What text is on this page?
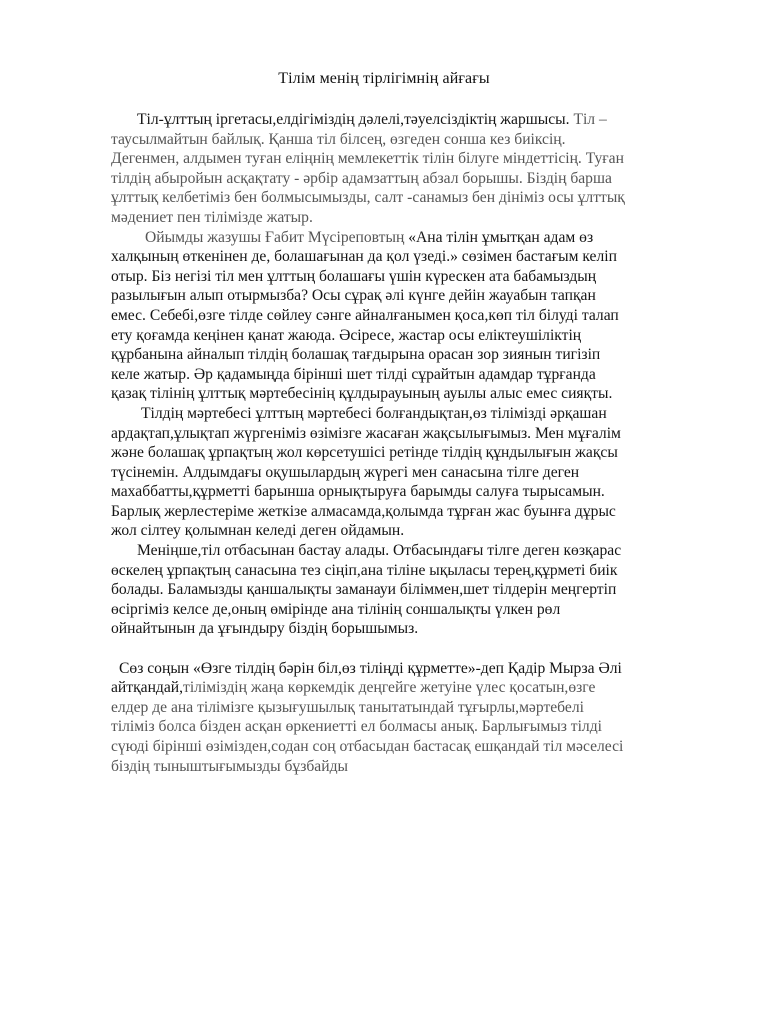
Тілім менің тірлігімнің айғағы
Тіл-ұлттың іргетасы,елдігіміздің дәлелі,тәуелсіздіктің жаршысы. Тіл –
таусылмайтын байлық. Қанша тіл білсең, өзгеден сонша кез биіксің.
Дегенмен, алдымен туған еліңнің мемлекеттік тілін білуге міндеттісің. Туған
тілдің абыройын асқақтату - әрбір адамзаттың абзал борышы. Біздің барша
ұлттық келбетіміз бен болмысымызды, салт -санамыз бен дініміз осы ұлттық
мәдениет пен тілімізде жатыр.
Ойымды жазушы Ғабит Мүсіреповтың «Ана тілін ұмытқан адам өз
халқының өткенінен де, болашағынан да қол үзеді.» сөзімен бастағым келіп
отыр. Біз негізі тіл мен ұлттың болашағы үшін күрескен ата бабамыздың
разылығын алып отырмызба? Осы сұрақ әлі күнге дейін жауабын тапқан
емес. Себебі,өзге тілде сөйлеу сәнге айналғанымен қоса,көп тіл білуді талап
ету қоғамда кеңінен қанат жаюда. Әсіресе, жастар осы еліктеушіліктің
құрбанына айналып тілдің болашақ тағдырына орасан зор зиянын тигізіп
келе жатыр. Әр қадамыңда бірінші шет тілді сұрайтын адамдар тұрғанда
қазақ тілінің ұлттық мәртебесінің құлдырауының ауылы алыс емес сияқты.
Тілдің мәртебесі ұлттың мәртебесі болғандықтан,өз тілімізді әрқашан
ардақтап,ұлықтап жүргеніміз өзімізге жасаған жақсылығымыз. Мен мұғалім
және болашақ ұрпақтың жол көрсетушісі ретінде тілдің құндылығын жақсы
түсінемін. Алдымдағы оқушылардың жүрегі мен санасына тілге деген
махаббатты,құрметті барынша орнықтыруға барымды салуға тырысамын.
Барлық жерлестеріме жеткізе алмасамда,қолымда тұрған жас буынға дұрыс
жол сілтеу қолымнан келеді деген ойдамын.
Меніңше,тіл отбасынан бастау алады. Отбасындағы тілге деген көзқарас
өскелең ұрпақтың санасына тез сіңіп,ана тіліне ықыласы терең,құрметі биік
болады. Баламызды қаншалықты заманауи біліммен,шет тілдерін меңгертіп
өсіргіміз келсе де,оның өмірінде ана тілінің соншалықты үлкен рөл
ойнайтынын да ұғындыру біздің борышымыз.
Сөз соңын «Өзге тілдің бәрін біл,өз тіліңді құрметте»-деп Қадір Мырза Әлі
айтқандай,тіліміздің жаңа көркемдік деңгейге жетуіне үлес қосатын,өзге
елдер де ана тілімізге қызығушылық танытатындай тұғырлы,мәртебелі
тіліміз болса бізден асқан өркениетті ел болмасы анық. Барлығымыз тілді
сүюді бірінші өзімізден,содан соң отбасыдан бастасақ ешқандай тіл мәселесі
біздің тыныштығымызды бұзбайды
